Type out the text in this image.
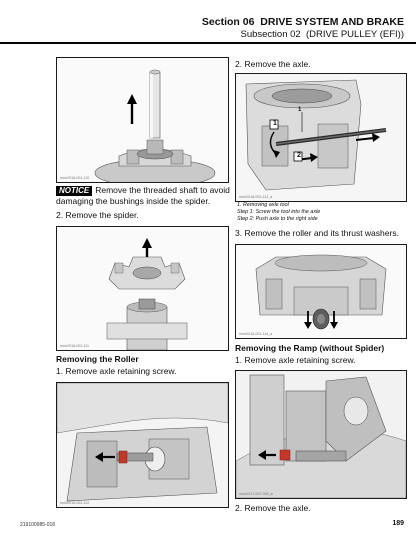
Section 06 DRIVE SYSTEM AND BRAKE
Subsection 02 (DRIVE PULLEY (EFI))
mmr2018-001-110
NOTICE Remove the threaded shaft to avoid
damaging the bushings inside the spider.
2. Remove the spider.
mmr2018-001-111
Removing the Roller
1. Remove axle retaining screw.
mmr2018-001-112
2. Remove the axle.
1
2
1
mmr2018-001-113_a
1. Removing axle tool
Step 1: Screw the tool into the axle
Step 2: Push axle to the right side
3. Remove the roller and its thrust washers.
mmr2018-001-114_a
Removing the Ramp (without Spider)
1. Remove axle retaining screw.
mmr2017-067-990_a
2. Remove the axle.
219100985-018	189
